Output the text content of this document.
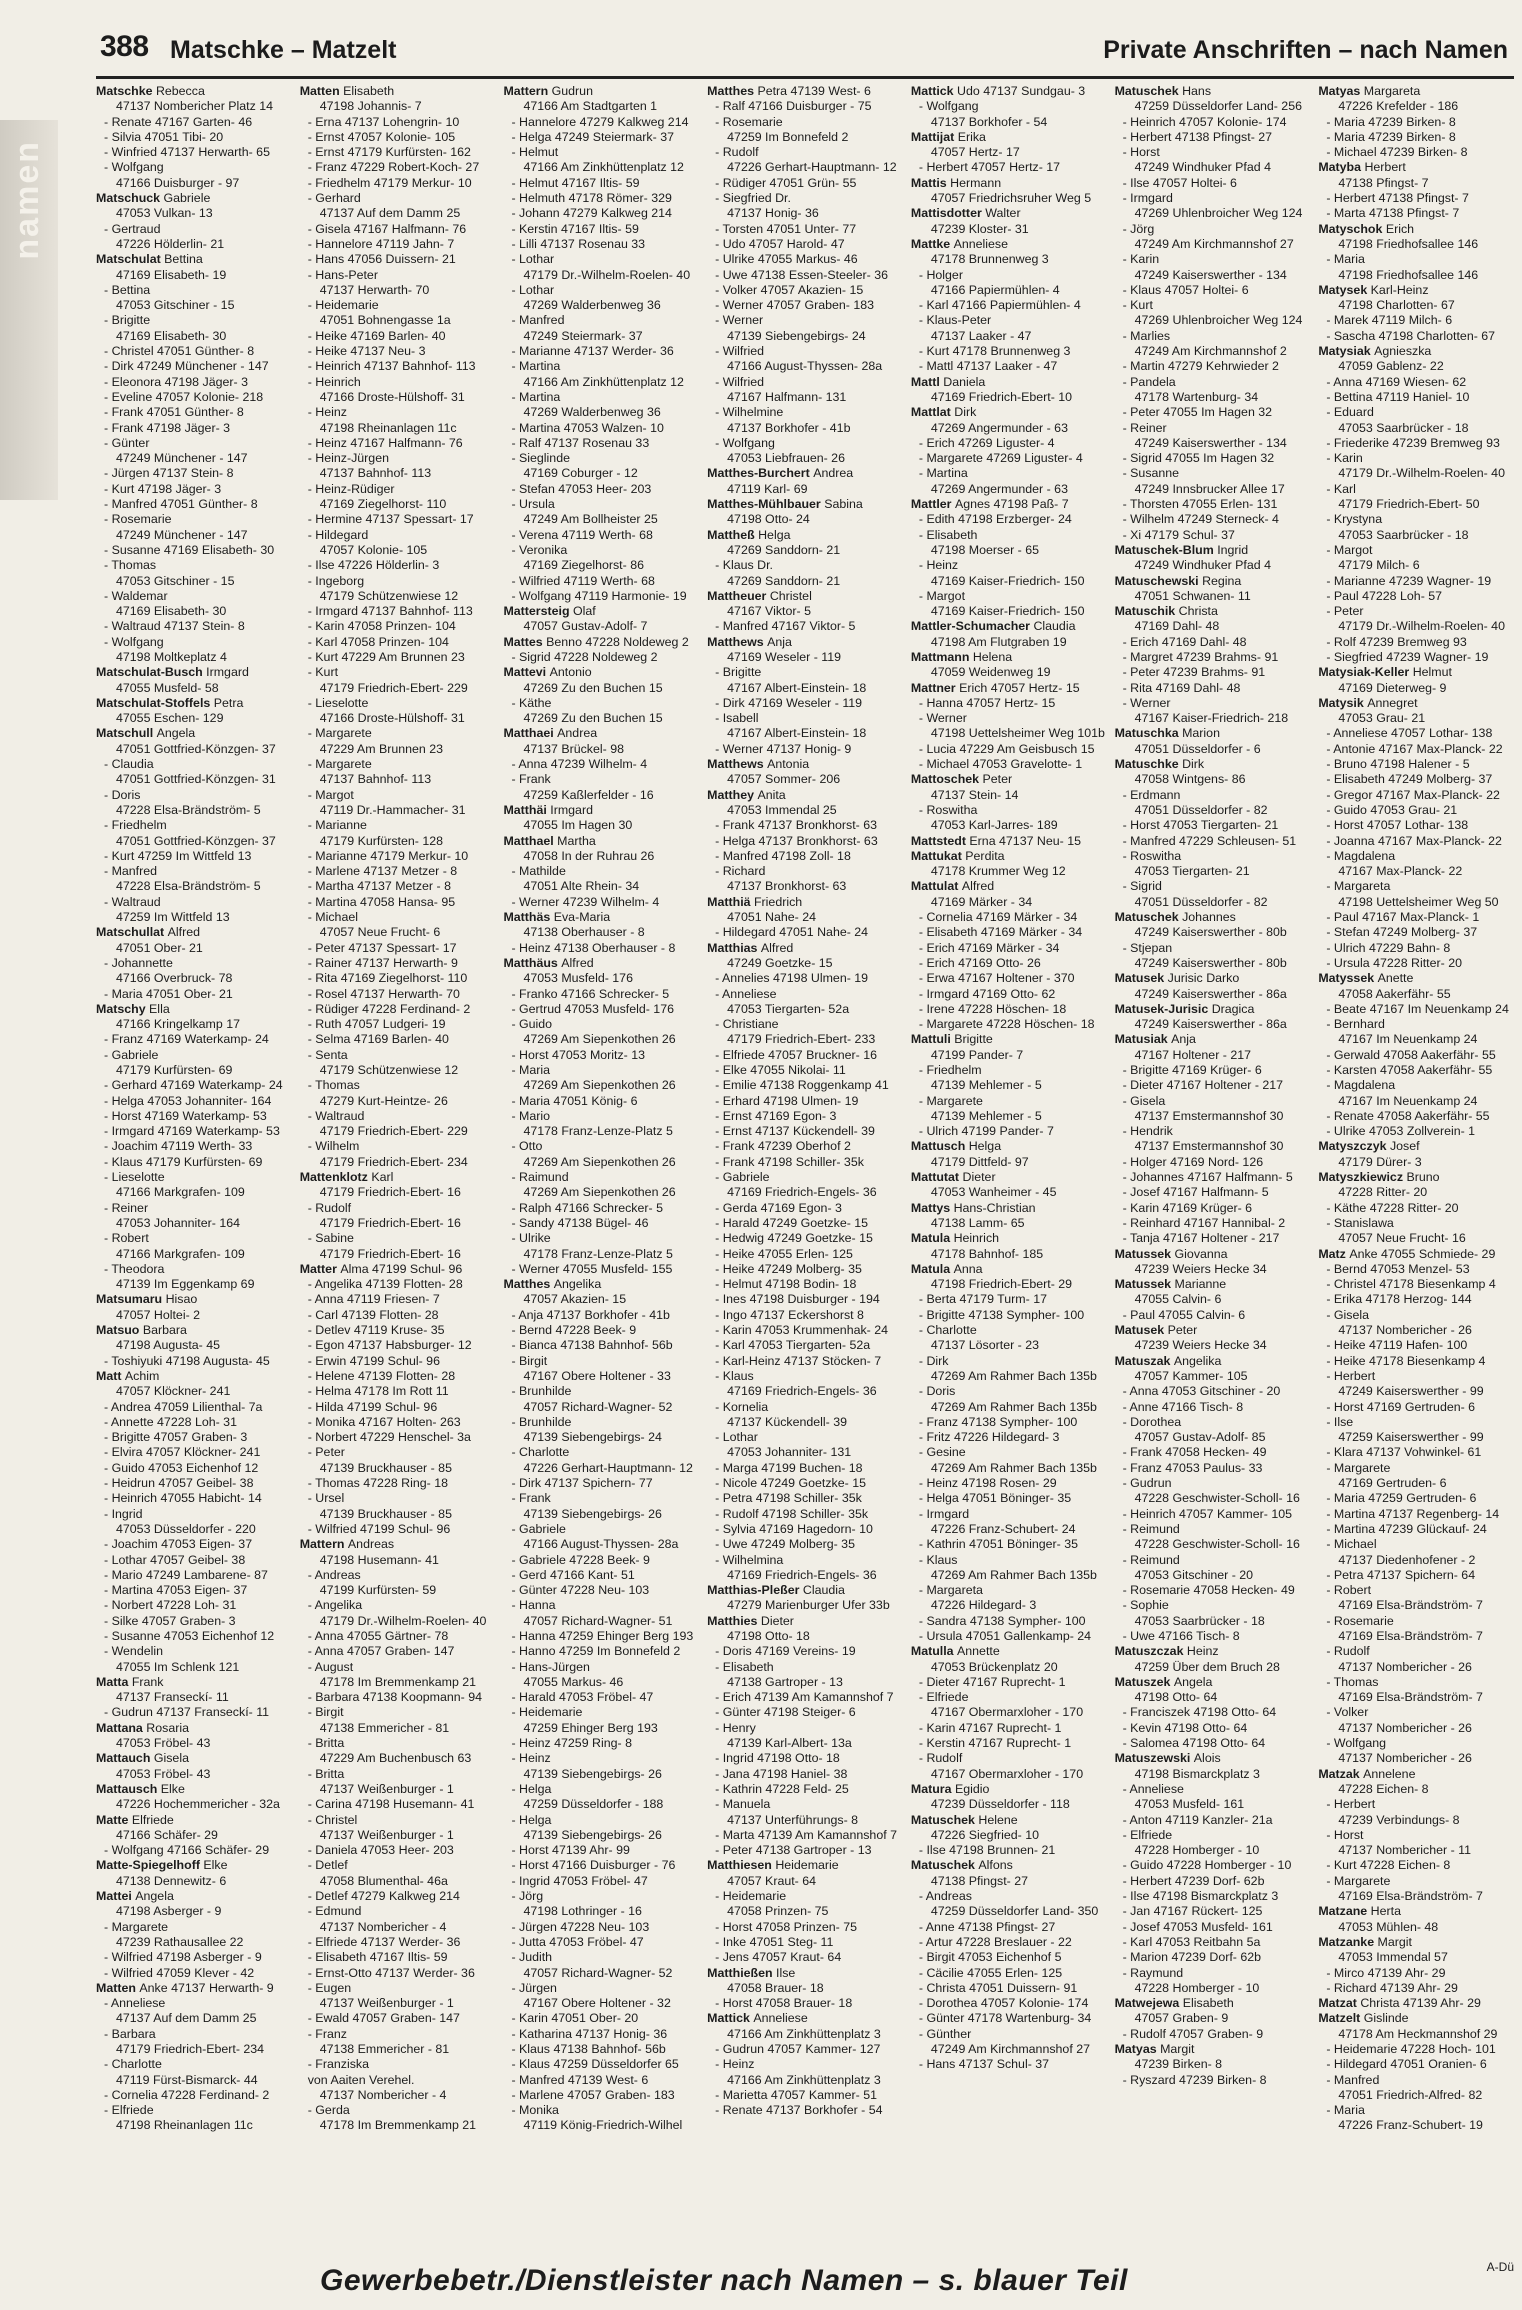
388 Matschke – Matzelt	Private Anschriften – nach Namen
namen
Matschke Rebecca
47137 Nombericher Platz 14
- Renate 47167 Garten- 46
- Silvia 47051 Tibi- 20
- Winfried 47137 Herwarth- 65
- Wolfgang
47166 Duisburger - 97
Matschuck Gabriele
47053 Vulkan- 13
- Gertraud
47226 Hölderlin- 21
Matschulat Bettina
47169 Elisabeth- 19
- Bettina
47053 Gitschiner - 15
- Brigitte
47169 Elisabeth- 30
- Christel 47051 Günther- 8
- Dirk 47249 Münchener - 147
- Eleonora 47198 Jäger- 3
- Eveline 47057 Kolonie- 218
- Frank 47051 Günther- 8
- Frank 47198 Jäger- 3
- Günter
47249 Münchener - 147
- Jürgen 47137 Stein- 8
- Kurt 47198 Jäger- 3
- Manfred 47051 Günther- 8
- Rosemarie
47249 Münchener - 147
- Susanne 47169 Elisabeth- 30
- Thomas
47053 Gitschiner - 15
- Waldemar
47169 Elisabeth- 30
- Waltraud 47137 Stein- 8
- Wolfgang
47198 Moltkeplatz 4
Matschulat-Busch Irmgard
47055 Musfeld- 58
Matschulat-Stoffels Petra
47055 Eschen- 129
Matschull Angela
47051 Gottfried-Könzgen- 37
- Claudia
47051 Gottfried-Könzgen- 31
- Doris
47228 Elsa-Brändström- 5
- Friedhelm
47051 Gottfried-Könzgen- 37
- Kurt 47259 Im Wittfeld 13
- Manfred
47228 Elsa-Brändström- 5
- Waltraud
47259 Im Wittfeld 13
Matschullat Alfred
47051 Ober- 21
- Johannette
47166 Overbruck- 78
- Maria 47051 Ober- 21
Matschy Ella
47166 Kringelkamp 17
- Franz 47169 Waterkamp- 24
- Gabriele
47179 Kurfürsten- 69
- Gerhard 47169 Waterkamp- 24
- Helga 47053 Johanniter- 164
- Horst 47169 Waterkamp- 53
- Irmgard 47169 Waterkamp- 53
- Joachim 47119 Werth- 33
- Klaus 47179 Kurfürsten- 69
- Lieselotte
47166 Markgrafen- 109
- Reiner
47053 Johanniter- 164
- Robert
47166 Markgrafen- 109
- Theodora
47139 Im Eggenkamp 69
Matsumaru Hisao
47057 Holtei- 2
Matsuo Barbara
47198 Augusta- 45
- Toshiyuki 47198 Augusta- 45
Matt Achim
47057 Klöckner- 241
- Andrea 47059 Lilienthal- 7a
- Annette 47228 Loh- 31
- Brigitte 47057 Graben- 3
- Elvira 47057 Klöckner- 241
- Guido 47053 Eichenhof 12
- Heidrun 47057 Geibel- 38
- Heinrich 47055 Habicht- 14
- Ingrid
47053 Düsseldorfer - 220
- Joachim 47053 Eigen- 37
- Lothar 47057 Geibel- 38
- Mario 47249 Lambarene- 87
- Martina 47053 Eigen- 37
- Norbert 47228 Loh- 31
- Silke 47057 Graben- 3
- Susanne 47053 Eichenhof 12
- Wendelin
47055 Im Schlenk 121
Matta Frank
47137 Franseckí- 11
- Gudrun 47137 Franseckí- 11
Mattana Rosaria
47053 Fröbel- 43
Mattauch Gisela
47053 Fröbel- 43
Mattausch Elke
47226 Hochemmericher - 32a
Matte Elfriede
47166 Schäfer- 29
- Wolfgang 47166 Schäfer- 29
Matte-Spiegelhoff Elke
47138 Dennewitz- 6
Mattei Angela
47198 Asberger - 9
- Margarete
47239 Rathausallee 22
- Wilfried 47198 Asberger - 9
- Wilfried 47059 Klever - 42
Matten Anke 47137 Herwarth- 9
- Anneliese
47137 Auf dem Damm 25
- Barbara
47179 Friedrich-Ebert- 234
- Charlotte
47119 Fürst-Bismarck- 44
- Cornelia 47228 Ferdinand- 2
- Elfriede
47198 Rheinanlagen 11c
Matten Elisabeth
47198 Johannis- 7
- Erna 47137 Lohengrin- 10
- Ernst 47057 Kolonie- 105
- Ernst 47179 Kurfürsten- 162
- Franz 47229 Robert-Koch- 27
- Friedhelm 47179 Merkur- 10
- Gerhard
47137 Auf dem Damm 25
- Gisela 47167 Halfmann- 76
- Hannelore 47119 Jahn- 7
- Hans 47056 Duissern- 21
- Hans-Peter
47137 Herwarth- 70
- Heidemarie
47051 Bohnengasse 1a
- Heike 47169 Barlen- 40
- Heike 47137 Neu- 3
- Heinrich 47137 Bahnhof- 113
- Heinrich
47166 Droste-Hülshoff- 31
- Heinz
47198 Rheinanlagen 11c
- Heinz 47167 Halfmann- 76
- Heinz-Jürgen
47137 Bahnhof- 113
- Heinz-Rüdiger
47169 Ziegelhorst- 110
- Hermine 47137 Spessart- 17
- Hildegard
47057 Kolonie- 105
- Ilse 47226 Hölderlin- 3
- Ingeborg
47179 Schützenwiese 12
- Irmgard 47137 Bahnhof- 113
- Karin 47058 Prinzen- 104
- Karl 47058 Prinzen- 104
- Kurt 47229 Am Brunnen 23
- Kurt
47179 Friedrich-Ebert- 229
- Lieselotte
47166 Droste-Hülshoff- 31
- Margarete
47229 Am Brunnen 23
- Margarete
47137 Bahnhof- 113
- Margot
47119 Dr.-Hammacher- 31
- Marianne
47179 Kurfürsten- 128
- Marianne 47179 Merkur- 10
- Marlene 47137 Metzer - 8
- Martha 47137 Metzer - 8
- Martina 47058 Hansa- 95
- Michael
47057 Neue Frucht- 6
- Peter 47137 Spessart- 17
- Rainer 47137 Herwarth- 9
- Rita 47169 Ziegelhorst- 110
- Rosel 47137 Herwarth- 70
- Rüdiger 47228 Ferdinand- 2
- Ruth 47057 Ludgeri- 19
- Selma 47169 Barlen- 40
- Senta
47179 Schützenwiese 12
- Thomas
47279 Kurt-Heintze- 26
- Waltraud
47179 Friedrich-Ebert- 229
- Wilhelm
47179 Friedrich-Ebert- 234
Mattenklotz Karl
47179 Friedrich-Ebert- 16
- Rudolf
47179 Friedrich-Ebert- 16
- Sabine
47179 Friedrich-Ebert- 16
Matter Alma 47199 Schul- 96
- Angelika 47139 Flotten- 28
- Anna 47119 Friesen- 7
- Carl 47139 Flotten- 28
- Detlev 47119 Kruse- 35
- Egon 47137 Habsburger- 12
- Erwin 47199 Schul- 96
- Helene 47139 Flotten- 28
- Helma 47178 Im Rott 11
- Hilda 47199 Schul- 96
- Monika 47167 Holten- 263
- Norbert 47229 Henschel- 3a
- Peter
47139 Bruckhauser - 85
- Thomas 47228 Ring- 18
- Ursel
47139 Bruckhauser - 85
- Wilfried 47199 Schul- 96
Mattern Andreas
47198 Husemann- 41
- Andreas
47199 Kurfürsten- 59
- Angelika
47179 Dr.-Wilhelm-Roelen- 40
- Anna 47055 Gärtner- 78
- Anna 47057 Graben- 147
- August
47178 Im Bremmenkamp 21
- Barbara 47138 Koopmann- 94
- Birgit
47138 Emmericher - 81
- Britta
47229 Am Buchenbusch 63
- Britta
47137 Weißenburger - 1
- Carina 47198 Husemann- 41
- Christel
47137 Weißenburger - 1
- Daniela 47053 Heer- 203
- Detlef
47058 Blumenthal- 46a
- Detlef 47279 Kalkweg 214
- Edmund
47137 Nombericher - 4
- Elfriede 47137 Werder- 36
- Elisabeth 47167 Iltis- 59
- Ernst-Otto 47137 Werder- 36
- Eugen
47137 Weißenburger - 1
- Ewald 47057 Graben- 147
- Franz
47138 Emmericher - 81
- Franziska
von Aaiten Verehel.
47137 Nombericher - 4
- Gerda
47178 Im Bremmenkamp 21
Mattern Gudrun
47166 Am Stadtgarten 1
- Hannelore 47279 Kalkweg 214
- Helga 47249 Steiermark- 37
- Helmut
47166 Am Zinkhüttenplatz 12
- Helmut 47167 Iltis- 59
- Helmuth 47178 Römer- 329
- Johann 47279 Kalkweg 214
- Kerstin 47167 Iltis- 59
- Lilli 47137 Rosenau 33
- Lothar
47179 Dr.-Wilhelm-Roelen- 40
- Lothar
47269 Walderbenweg 36
- Manfred
47249 Steiermark- 37
- Marianne 47137 Werder- 36
- Martina
47166 Am Zinkhüttenplatz 12
- Martina
47269 Walderbenweg 36
- Martina 47053 Walzen- 10
- Ralf 47137 Rosenau 33
- Sieglinde
47169 Coburger - 12
- Stefan 47053 Heer- 203
- Ursula
47249 Am Bollheister 25
- Verena 47119 Werth- 68
- Veronika
47169 Ziegelhorst- 86
- Wilfried 47119 Werth- 68
- Wolfgang 47119 Harmonie- 19
Mattersteig Olaf
47057 Gustav-Adolf- 7
Mattes Benno 47228 Noldeweg 2
- Sigrid 47228 Noldeweg 2
Mattevi Antonio
47269 Zu den Buchen 15
- Käthe
47269 Zu den Buchen 15
Matthaei Andrea
47137 Brückel- 98
- Anna 47239 Wilhelm- 4
- Frank
47259 Kaßlerfelder - 16
Matthäi Irmgard
47055 Im Hagen 30
Matthael Martha
47058 In der Ruhrau 26
- Mathilde
47051 Alte Rhein- 34
- Werner 47239 Wilhelm- 4
Matthäs Eva-Maria
47138 Oberhauser - 8
- Heinz 47138 Oberhauser - 8
Matthäus Alfred
47053 Musfeld- 176
- Franko 47166 Schrecker- 5
- Gertrud 47053 Musfeld- 176
- Guido
47269 Am Siepenkothen 26
- Horst 47053 Moritz- 13
- Maria
47269 Am Siepenkothen 26
- Maria 47051 König- 6
- Mario
47178 Franz-Lenze-Platz 5
- Otto
47269 Am Siepenkothen 26
- Raimund
47269 Am Siepenkothen 26
- Ralph 47166 Schrecker- 5
- Sandy 47138 Bügel- 46
- Ulrike
47178 Franz-Lenze-Platz 5
- Werner 47055 Musfeld- 155
Matthes Angelika
47057 Akazien- 15
- Anja 47137 Borkhofer - 41b
- Bernd 47228 Beek- 9
- Bianca 47138 Bahnhof- 56b
- Birgit
47167 Obere Holtener - 33
- Brunhilde
47057 Richard-Wagner- 52
- Brunhilde
47139 Siebengebirgs- 24
- Charlotte
47226 Gerhart-Hauptmann- 12
- Dirk 47137 Spichern- 77
- Frank
47139 Siebengebirgs- 26
- Gabriele
47166 August-Thyssen- 28a
- Gabriele 47228 Beek- 9
- Gerd 47166 Kant- 51
- Günter 47228 Neu- 103
- Hanna
47057 Richard-Wagner- 51
- Hanna 47259 Ehinger Berg 193
- Hanno 47259 Im Bonnefeld 2
- Hans-Jürgen
47055 Markus- 46
- Harald 47053 Fröbel- 47
- Heidemarie
47259 Ehinger Berg 193
- Heinz 47259 Ring- 8
- Heinz
47139 Siebengebirgs- 26
- Helga
47259 Düsseldorfer - 188
- Helga
47139 Siebengebirgs- 26
- Horst 47139 Ahr- 99
- Horst 47166 Duisburger - 76
- Ingrid 47053 Fröbel- 47
- Jörg
47198 Lothringer - 16
- Jürgen 47228 Neu- 103
- Jutta 47053 Fröbel- 47
- Judith
47057 Richard-Wagner- 52
- Jürgen
47167 Obere Holtener - 32
- Karin 47051 Ober- 20
- Katharina 47137 Honig- 36
- Klaus 47138 Bahnhof- 56b
- Klaus 47259 Düsseldorfer 65
- Manfred 47139 West- 6
- Marlene 47057 Graben- 183
- Monika
47119 König-Friedrich-Wilhel
Matthes Petra 47139 West- 6
- Ralf 47166 Duisburger - 75
- Rosemarie
47259 Im Bonnefeld 2
- Rudolf
47226 Gerhart-Hauptmann- 12
- Rüdiger 47051 Grün- 55
- Siegfried Dr.
47137 Honig- 36
- Torsten 47051 Unter- 77
- Udo 47057 Harold- 47
- Ulrike 47055 Markus- 46
- Uwe 47138 Essen-Steeler- 36
- Volker 47057 Akazien- 15
- Werner 47057 Graben- 183
- Werner
47139 Siebengebirgs- 24
- Wilfried
47166 August-Thyssen- 28a
- Wilfried
47167 Halfmann- 131
- Wilhelmine
47137 Borkhofer - 41b
- Wolfgang
47053 Liebfrauen- 26
Matthes-Burchert Andrea
47119 Karl- 69
Matthes-Mühlbauer Sabina
47198 Otto- 24
Mattheß Helga
47269 Sanddorn- 21
- Klaus Dr.
47269 Sanddorn- 21
Mattheuer Christel
47167 Viktor- 5
- Manfred 47167 Viktor- 5
Matthews Anja
47169 Weseler - 119
- Brigitte
47167 Albert-Einstein- 18
- Dirk 47169 Weseler - 119
- Isabell
47167 Albert-Einstein- 18
- Werner 47137 Honig- 9
Matthews Antonia
47057 Sommer- 206
Matthey Anita
47053 Immendal 25
- Frank 47137 Bronkhorst- 63
- Helga 47137 Bronkhorst- 63
- Manfred 47198 Zoll- 18
- Richard
47137 Bronkhorst- 63
Matthiä Friedrich
47051 Nahe- 24
- Hildegard 47051 Nahe- 24
Matthias Alfred
47249 Goetzke- 15
- Annelies 47198 Ulmen- 19
- Anneliese
47053 Tiergarten- 52a
- Christiane
47179 Friedrich-Ebert- 233
- Elfriede 47057 Bruckner- 16
- Elke 47055 Nikolai- 11
- Emilie 47138 Roggenkamp 41
- Erhard 47198 Ulmen- 19
- Ernst 47169 Egon- 3
- Ernst 47137 Kückendell- 39
- Frank 47239 Oberhof 2
- Frank 47198 Schiller- 35k
- Gabriele
47169 Friedrich-Engels- 36
- Gerda 47169 Egon- 3
- Harald 47249 Goetzke- 15
- Hedwig 47249 Goetzke- 15
- Heike 47055 Erlen- 125
- Heike 47249 Molberg- 35
- Helmut 47198 Bodin- 18
- Ines 47198 Duisburger - 194
- Ingo 47137 Eckershorst 8
- Karin 47053 Krummenhak- 24
- Karl 47053 Tiergarten- 52a
- Karl-Heinz 47137 Stöcken- 7
- Klaus
47169 Friedrich-Engels- 36
- Kornelia
47137 Kückendell- 39
- Lothar
47053 Johanniter- 131
- Marga 47199 Buchen- 18
- Nicole 47249 Goetzke- 15
- Petra 47198 Schiller- 35k
- Rudolf 47198 Schiller- 35k
- Sylvia 47169 Hagedorn- 10
- Uwe 47249 Molberg- 35
- Wilhelmina
47169 Friedrich-Engels- 36
Matthias-Pleßer Claudia
47279 Marienburger Ufer 33b
Matthies Dieter
47198 Otto- 18
- Doris 47169 Vereins- 19
- Elisabeth
47138 Gartroper - 13
- Erich 47139 Am Kamannshof 7
- Günter 47198 Steiger- 6
- Henry
47139 Karl-Albert- 13a
- Ingrid 47198 Otto- 18
- Jana 47198 Haniel- 38
- Kathrin 47228 Feld- 25
- Manuela
47137 Unterführungs- 8
- Marta 47139 Am Kamannshof 7
- Peter 47138 Gartroper - 13
Matthiesen Heidemarie
47057 Kraut- 64
- Heidemarie
47058 Prinzen- 75
- Horst 47058 Prinzen- 75
- Inke 47051 Steg- 11
- Jens 47057 Kraut- 64
Matthießen Ilse
47058 Brauer- 18
- Horst 47058 Brauer- 18
Mattick Anneliese
47166 Am Zinkhüttenplatz 3
- Gudrun 47057 Kammer- 127
- Heinz
47166 Am Zinkhüttenplatz 3
- Marietta 47057 Kammer- 51
- Renate 47137 Borkhofer - 54
Mattick Udo 47137 Sundgau- 3
- Wolfgang
47137 Borkhofer - 54
Mattijat Erika
47057 Hertz- 17
- Herbert 47057 Hertz- 17
Mattis Hermann
47057 Friedrichsruher Weg 5
Mattisdotter Walter
47239 Kloster- 31
Mattke Anneliese
47178 Brunnenweg 3
- Holger
47166 Papiermühlen- 4
- Karl 47166 Papiermühlen- 4
- Klaus-Peter
47137 Laaker - 47
- Kurt 47178 Brunnenweg 3
- Mattl 47137 Laaker - 47
Mattl Daniela
47169 Friedrich-Ebert- 10
Mattlat Dirk
47269 Angermunder - 63
- Erich 47269 Liguster- 4
- Margarete 47269 Liguster- 4
- Martina
47269 Angermunder - 63
Mattler Agnes 47198 Paß- 7
- Edith 47198 Erzberger- 24
- Elisabeth
47198 Moerser - 65
- Heinz
47169 Kaiser-Friedrich- 150
- Margot
47169 Kaiser-Friedrich- 150
Mattler-Schumacher Claudia
47198 Am Flutgraben 19
Mattmann Helena
47059 Weidenweg 19
Mattner Erich 47057 Hertz- 15
- Hanna 47057 Hertz- 15
- Werner
47198 Uettelsheimer Weg 101b
- Lucia 47229 Am Geisbusch 15
- Michael 47053 Gravelotte- 1
Mattoschek Peter
47137 Stein- 14
- Roswitha
47053 Karl-Jarres- 189
Mattstedt Erna 47137 Neu- 15
Mattukat Perdita
47178 Krummer Weg 12
Mattulat Alfred
47169 Märker - 34
- Cornelia 47169 Märker - 34
- Elisabeth 47169 Märker - 34
- Erich 47169 Märker - 34
- Erich 47169 Otto- 26
- Erwa 47167 Holtener - 370
- Irmgard 47169 Otto- 62
- Irene 47228 Höschen- 18
- Margarete 47228 Höschen- 18
Mattuli Brigitte
47199 Pander- 7
- Friedhelm
47139 Mehlemer - 5
- Margarete
47139 Mehlemer - 5
- Ulrich 47199 Pander- 7
Mattusch Helga
47179 Dittfeld- 97
Mattutat Dieter
47053 Wanheimer - 45
Mattys Hans-Christian
47138 Lamm- 65
Matula Heinrich
47178 Bahnhof- 185
Matula Anna
47198 Friedrich-Ebert- 29
- Berta 47179 Turm- 17
- Brigitte 47138 Sympher- 100
- Charlotte
47137 Lösorter - 23
- Dirk
47269 Am Rahmer Bach 135b
- Doris
47269 Am Rahmer Bach 135b
- Franz 47138 Sympher- 100
- Fritz 47226 Hildegard- 3
- Gesine
47269 Am Rahmer Bach 135b
- Heinz 47198 Rosen- 29
- Helga 47051 Böninger- 35
- Irmgard
47226 Franz-Schubert- 24
- Kathrin 47051 Böninger- 35
- Klaus
47269 Am Rahmer Bach 135b
- Margareta
47226 Hildegard- 3
- Sandra 47138 Sympher- 100
- Ursula 47051 Gallenkamp- 24
Matulla Annette
47053 Brückenplatz 20
- Dieter 47167 Ruprecht- 1
- Elfriede
47167 Obermarxloher - 170
- Karin 47167 Ruprecht- 1
- Kerstin 47167 Ruprecht- 1
- Rudolf
47167 Obermarxloher - 170
Matura Egidio
47239 Düsseldorfer - 118
Matuschek Helene
47226 Siegfried- 10
- Ilse 47198 Brunnen- 21
Matuschek Alfons
47138 Pfingst- 27
- Andreas
47259 Düsseldorfer Land- 350
- Anne 47138 Pfingst- 27
- Artur 47228 Breslauer - 22
- Birgit 47053 Eichenhof 5
- Cäcilie 47055 Erlen- 125
- Christa 47051 Duissern- 91
- Dorothea 47057 Kolonie- 174
- Günter 47178 Wartenburg- 34
- Günther
47249 Am Kirchmannshof 27
- Hans 47137 Schul- 37
Matuschek Hans
47259 Düsseldorfer Land- 256
- Heinrich 47057 Kolonie- 174
- Herbert 47138 Pfingst- 27
- Horst
47249 Windhuker Pfad 4
- Ilse 47057 Holtei- 6
- Irmgard
47269 Uhlenbroicher Weg 124
- Jörg
47249 Am Kirchmannshof 27
- Karin
47249 Kaiserswerther - 134
- Klaus 47057 Holtei- 6
- Kurt
47269 Uhlenbroicher Weg 124
- Marlies
47249 Am Kirchmannshof 2
- Martin 47279 Kehrwieder 2
- Pandela
47178 Wartenburg- 34
- Peter 47055 Im Hagen 32
- Reiner
47249 Kaiserswerther - 134
- Sigrid 47055 Im Hagen 32
- Susanne
47249 Innsbrucker Allee 17
- Thorsten 47055 Erlen- 131
- Wilhelm 47249 Sterneck- 4
- Xi 47179 Schul- 37
Matuschek-Blum Ingrid
47249 Windhuker Pfad 4
Matuschewski Regina
47051 Schwanen- 11
Matuschik Christa
47169 Dahl- 48
- Erich 47169 Dahl- 48
- Margret 47239 Brahms- 91
- Peter 47239 Brahms- 91
- Rita 47169 Dahl- 48
- Werner
47167 Kaiser-Friedrich- 218
Matuschka Marion
47051 Düsseldorfer - 6
Matuschke Dirk
47058 Wintgens- 86
- Erdmann
47051 Düsseldorfer - 82
- Horst 47053 Tiergarten- 21
- Manfred 47229 Schleusen- 51
- Roswitha
47053 Tiergarten- 21
- Sigrid
47051 Düsseldorfer - 82
Matuschek Johannes
47249 Kaiserswerther - 80b
- Stjepan
47249 Kaiserswerther - 80b
Matusek Jurisic Darko
47249 Kaiserswerther - 86a
Matusek-Jurisic Dragica
47249 Kaiserswerther - 86a
Matusiak Anja
47167 Holtener - 217
- Brigitte 47169 Krüger- 6
- Dieter 47167 Holtener - 217
- Gisela
47137 Emstermannshof 30
- Hendrik
47137 Emstermannshof 30
- Holger 47169 Nord- 126
- Johannes 47167 Halfmann- 5
- Josef 47167 Halfmann- 5
- Karin 47169 Krüger- 6
- Reinhard 47167 Hannibal- 2
- Tanja 47167 Holtener - 217
Matussek Giovanna
47239 Weiers Hecke 34
Matussek Marianne
47055 Calvin- 6
- Paul 47055 Calvin- 6
Matusek Peter
47239 Weiers Hecke 34
Matuszak Angelika
47057 Kammer- 105
- Anna 47053 Gitschiner - 20
- Anne 47166 Tisch- 8
- Dorothea
47057 Gustav-Adolf- 85
- Frank 47058 Hecken- 49
- Franz 47053 Paulus- 33
- Gudrun
47228 Geschwister-Scholl- 16
- Heinrich 47057 Kammer- 105
- Reimund
47228 Geschwister-Scholl- 16
- Reimund
47053 Gitschiner - 20
- Rosemarie 47058 Hecken- 49
- Sophie
47053 Saarbrücker - 18
- Uwe 47166 Tisch- 8
Matuszczak Heinz
47259 Über dem Bruch 28
Matuszek Angela
47198 Otto- 64
- Franciszek 47198 Otto- 64
- Kevin 47198 Otto- 64
- Salomea 47198 Otto- 64
Matuszewski Alois
47198 Bismarckplatz 3
- Anneliese
47053 Musfeld- 161
- Anton 47119 Kanzler- 21a
- Elfriede
47228 Homberger - 10
- Guido 47228 Homberger - 10
- Herbert 47239 Dorf- 62b
- Ilse 47198 Bismarckplatz 3
- Jan 47167 Rückert- 125
- Josef 47053 Musfeld- 161
- Karl 47053 Reitbahn 5a
- Marion 47239 Dorf- 62b
- Raymund
47228 Homberger - 10
Matwejewa Elisabeth
47057 Graben- 9
- Rudolf 47057 Graben- 9
Matyas Margit
47239 Birken- 8
- Ryszard 47239 Birken- 8
Matyas Margareta
47226 Krefelder - 186
- Maria 47239 Birken- 8
- Maria 47239 Birken- 8
- Michael 47239 Birken- 8
Matyba Herbert
47138 Pfingst- 7
- Herbert 47138 Pfingst- 7
- Marta 47138 Pfingst- 7
Matyschok Erich
47198 Friedhofsallee 146
- Maria
47198 Friedhofsallee 146
Matysek Karl-Heinz
47198 Charlotten- 67
- Marek 47119 Milch- 6
- Sascha 47198 Charlotten- 67
Matysiak Agnieszka
47059 Gablenz- 22
- Anna 47169 Wiesen- 62
- Bettina 47119 Haniel- 10
- Eduard
47053 Saarbrücker - 18
- Friederike 47239 Bremweg 93
- Karin
47179 Dr.-Wilhelm-Roelen- 40
- Karl
47179 Friedrich-Ebert- 50
- Krystyna
47053 Saarbrücker - 18
- Margot
47179 Milch- 6
- Marianne 47239 Wagner- 19
- Paul 47228 Loh- 57
- Peter
47179 Dr.-Wilhelm-Roelen- 40
- Rolf 47239 Bremweg 93
- Siegfried 47239 Wagner- 19
Matysiak-Keller Helmut
47169 Dieterweg- 9
Matysik Annegret
47053 Grau- 21
- Anneliese 47057 Lothar- 138
- Antonie 47167 Max-Planck- 22
- Bruno 47198 Halener - 5
- Elisabeth 47249 Molberg- 37
- Gregor 47167 Max-Planck- 22
- Guido 47053 Grau- 21
- Horst 47057 Lothar- 138
- Joanna 47167 Max-Planck- 22
- Magdalena
47167 Max-Planck- 22
- Margareta
47198 Uettelsheimer Weg 50
- Paul 47167 Max-Planck- 1
- Stefan 47249 Molberg- 37
- Ulrich 47229 Bahn- 8
- Ursula 47228 Ritter- 20
Matyssek Anette
47058 Aakerfähr- 55
- Beate 47167 Im Neuenkamp 24
- Bernhard
47167 Im Neuenkamp 24
- Gerwald 47058 Aakerfähr- 55
- Karsten 47058 Aakerfähr- 55
- Magdalena
47167 Im Neuenkamp 24
- Renate 47058 Aakerfähr- 55
- Ulrike 47053 Zollverein- 1
Matyszczyk Josef
47179 Dürer- 3
Matyszkiewicz Bruno
47228 Ritter- 20
- Käthe 47228 Ritter- 20
- Stanislawa
47057 Neue Frucht- 16
Matz Anke 47055 Schmiede- 29
- Bernd 47053 Menzel- 53
- Christel 47178 Biesenkamp 4
- Erika 47178 Herzog- 144
- Gisela
47137 Nombericher - 26
- Heike 47119 Hafen- 100
- Heike 47178 Biesenkamp 4
- Herbert
47249 Kaiserswerther - 99
- Horst 47169 Gertruden- 6
- Ilse
47259 Kaiserswerther - 99
- Klara 47137 Vohwinkel- 61
- Margarete
47169 Gertruden- 6
- Maria 47259 Gertruden- 6
- Martina 47137 Regenberg- 14
- Martina 47239 Glückauf- 24
- Michael
47137 Diedenhofener - 2
- Petra 47137 Spichern- 64
- Robert
47169 Elsa-Brändström- 7
- Rosemarie
47169 Elsa-Brändström- 7
- Rudolf
47137 Nombericher - 26
- Thomas
47169 Elsa-Brändström- 7
- Volker
47137 Nombericher - 26
- Wolfgang
47137 Nombericher - 26
Matzak Annelene
47228 Eichen- 8
- Herbert
47239 Verbindungs- 8
- Horst
47137 Nombericher - 11
- Kurt 47228 Eichen- 8
- Margarete
47169 Elsa-Brändström- 7
Matzane Herta
47053 Mühlen- 48
Matzanke Margit
47053 Immendal 57
- Mirco 47139 Ahr- 29
- Richard 47139 Ahr- 29
Matzat Christa 47139 Ahr- 29
Matzelt Gislinde
47178 Am Heckmannshof 29
- Heidemarie 47228 Hoch- 101
- Hildegard 47051 Oranien- 6
- Manfred
47051 Friedrich-Alfred- 82
- Maria
47226 Franz-Schubert- 19
Gewerbebetr./Dienstleister nach Namen – s. blauer Teil	A-Dü
